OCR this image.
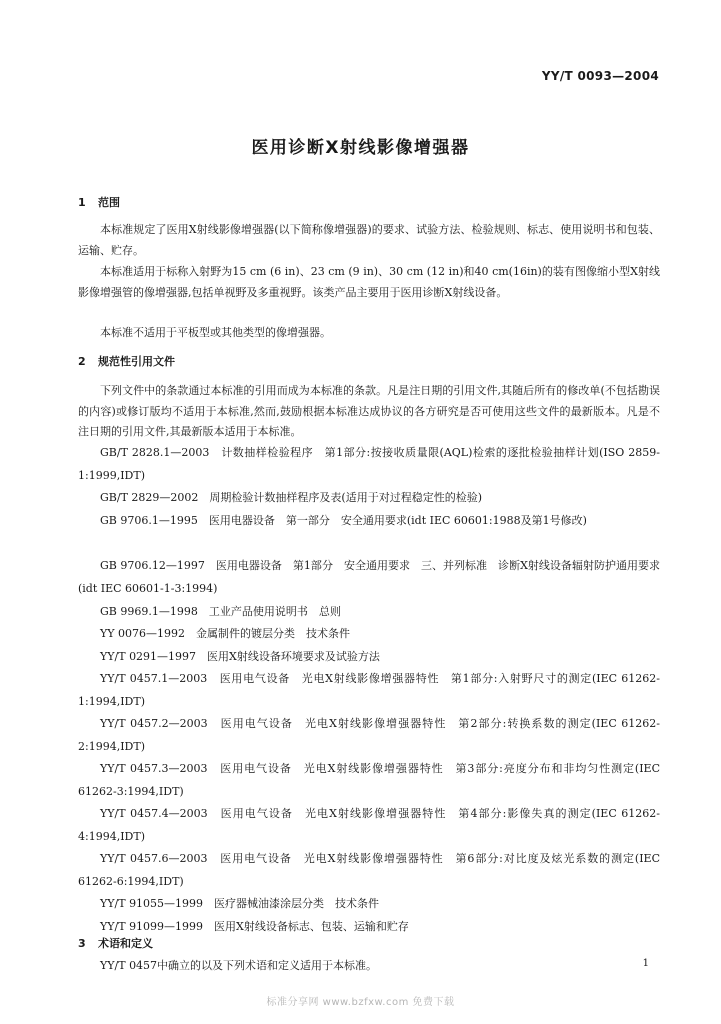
YY/T 0093—2004
医用诊断X射线影像增强器
1 范围

本标准规定了医用X射线影像增强器(以下简称像增强器)的要求、试验方法、检验规则、标志、使用说明书和包装、运输、贮存。

本标准适用于标称入射野为15 cm (6 in)、23 cm (9 in)、30 cm (12 in)和40 cm(16in)的装有图像缩小型X射线影像增强管的像增强器,包括单视野及多重视野。该类产品主要用于医用诊断X射线设备。

本标准不适用于平板型或其他类型的像增强器。

2 规范性引用文件

下列文件中的条款通过本标准的引用而成为本标准的条款。凡是注日期的引用文件,其随后所有的修改单(不包括勘误的内容)或修订版均不适用于本标准,然而,鼓励根据本标准达成协议的各方研究是否可使用这些文件的最新版本。凡是不注日期的引用文件,其最新版本适用于本标准。

GB/T 2828.1—2003　计数抽样检验程序　第1部分:按接收质量限(AQL)检索的逐批检验抽样计划(ISO 2859-1:1999,IDT)

GB/T 2829—2002　周期检验计数抽样程序及表(适用于对过程稳定性的检验)

GB 9706.1—1995　医用电器设备　第一部分　安全通用要求(idt IEC 60601:1988及第1号修改)

GB 9706.12—1997　医用电器设备　第1部分　安全通用要求　三、并列标准　诊断X射线设备辐射防护通用要求(idt IEC 60601-1-3:1994)

GB 9969.1—1998　工业产品使用说明书　总则

YY 0076—1992　金属制件的镀层分类　技术条件

YY/T 0291—1997　医用X射线设备环境要求及试验方法

YY/T 0457.1—2003　医用电气设备　光电X射线影像增强器特性　第1部分:入射野尺寸的测定(IEC 61262-1:1994,IDT)

YY/T 0457.2—2003　医用电气设备　光电X射线影像增强器特性　第2部分:转换系数的测定(IEC 61262-2:1994,IDT)

YY/T 0457.3—2003　医用电气设备　光电X射线影像增强器特性　第3部分:亮度分布和非均匀性测定(IEC 61262-3:1994,IDT)

YY/T 0457.4—2003　医用电气设备　光电X射线影像增强器特性　第4部分:影像失真的测定(IEC 61262-4:1994,IDT)

YY/T 0457.6—2003　医用电气设备　光电X射线影像增强器特性　第6部分:对比度及炫光系数的测定(IEC 61262-6:1994,IDT)

YY/T 91055—1999　医疗器械油漆涂层分类　技术条件

YY/T 91099—1999　医用X射线设备标志、包装、运输和贮存

3 术语和定义

YY/T 0457中确立的以及下列术语和定义适用于本标准。	1
标准分享网 www.bzfxw.com 免费下载
